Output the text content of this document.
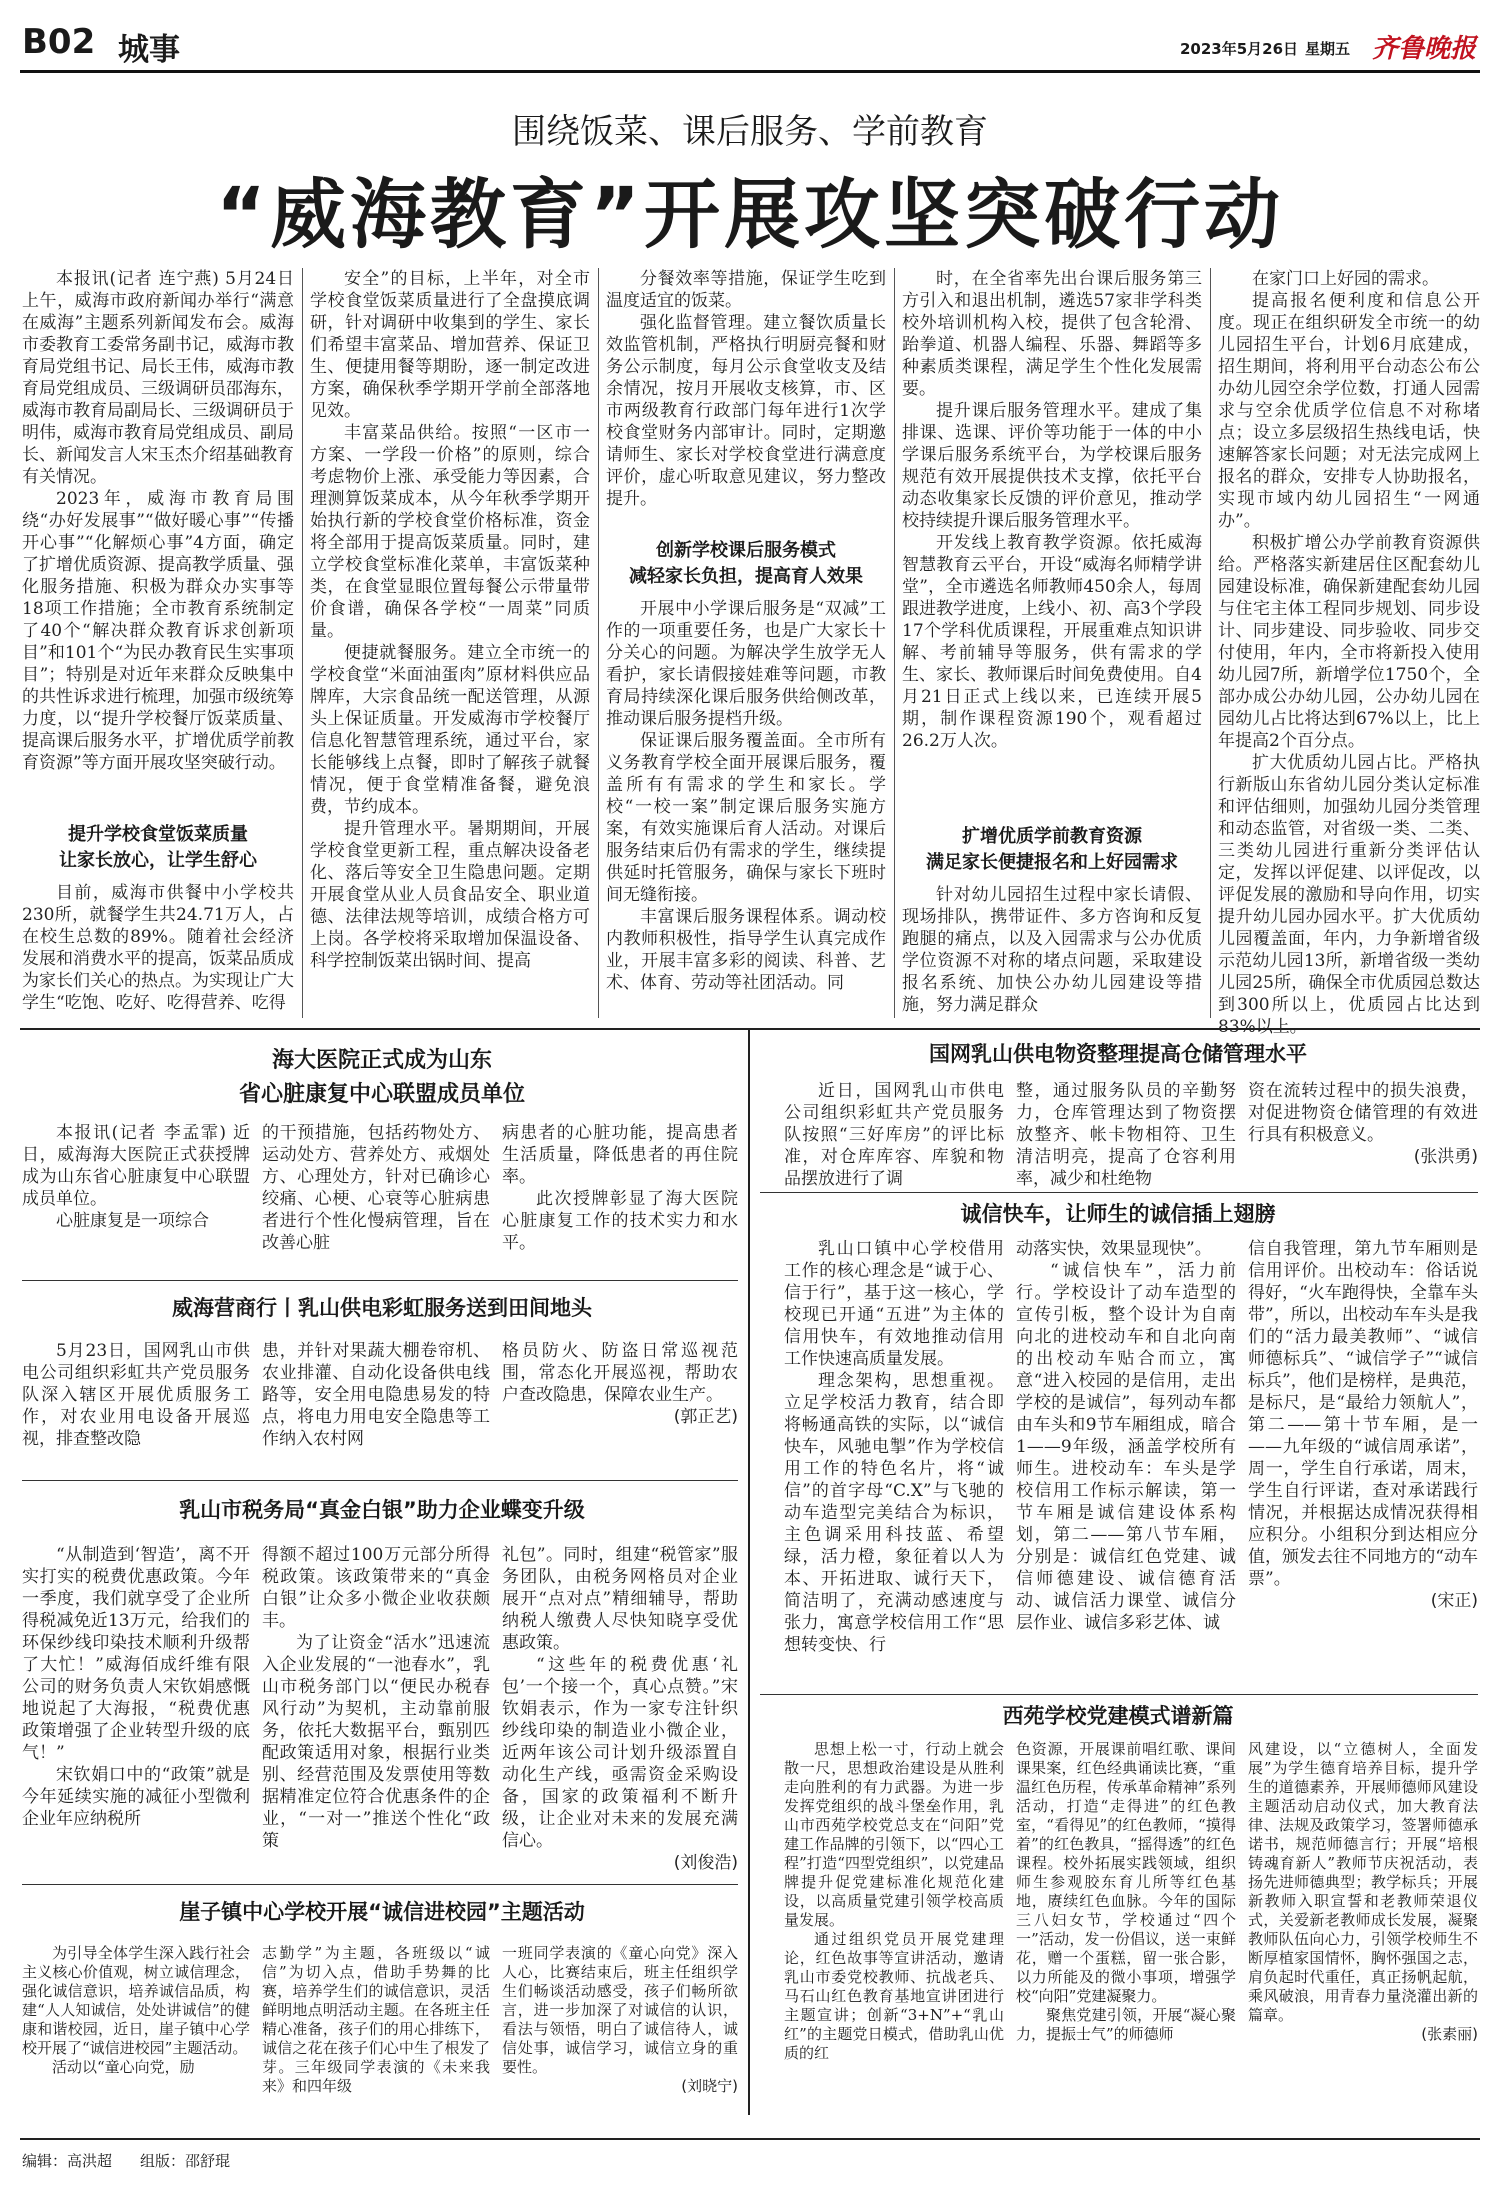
B02 城事	2023年5月26日 星期五 齐鲁晚报
围绕饭菜、课后服务、学前教育
“威海教育”开展攻坚突破行动

本报讯(记者 连宁燕) 5月24日上午，威海市政府新闻办举行“满意在威海”主题系列新闻发布会。威海市委教育工委常务副书记，威海市教育局党组书记、局长王伟，威海市教育局党组成员、三级调研员邵海东，威海市教育局副局长、三级调研员于明伟，威海市教育局党组成员、副局长、新闻发言人宋玉杰介绍基础教育有关情况。

2023年，威海市教育局围绕“办好发展事”“做好暖心事”“传播开心事”“化解烦心事”4方面，确定了扩增优质资源、提高教学质量、强化服务措施、积极为群众办实事等18项工作措施；全市教育系统制定了40个“解决群众教育诉求创新项目”和101个“为民办教育民生实事项目”；特别是对近年来群众反映集中的共性诉求进行梳理，加强市级统筹力度，以“提升学校餐厅饭菜质量、提高课后服务水平，扩增优质学前教育资源”等方面开展攻坚突破行动。

提升学校食堂饭菜质量
让家长放心，让学生舒心

目前，威海市供餐中小学校共230所，就餐学生共24.71万人，占在校生总数的89%。随着社会经济发展和消费水平的提高，饭菜品质成为家长们关心的热点。为实现让广大学生“吃饱、吃好、吃得营养、吃得

安全”的目标，上半年，对全市学校食堂饭菜质量进行了全盘摸底调研，针对调研中收集到的学生、家长们希望丰富菜品、增加营养、保证卫生、便捷用餐等期盼，逐一制定改进方案，确保秋季学期开学前全部落地见效。

丰富菜品供给。按照“一区市一方案、一学段一价格”的原则，综合考虑物价上涨、承受能力等因素，合理测算饭菜成本，从今年秋季学期开始执行新的学校食堂价格标准，资金将全部用于提高饭菜质量。同时，建立学校食堂标准化菜单，丰富饭菜种类，在食堂显眼位置每餐公示带量带价食谱，确保各学校“一周菜”同质量。

便捷就餐服务。建立全市统一的学校食堂“米面油蛋肉”原材料供应品牌库，大宗食品统一配送管理，从源头上保证质量。开发威海市学校餐厅信息化智慧管理系统，通过平台，家长能够线上点餐，即时了解孩子就餐情况，便于食堂精准备餐，避免浪费，节约成本。

提升管理水平。暑期期间，开展学校食堂更新工程，重点解决设备老化、落后等安全卫生隐患问题。定期开展食堂从业人员食品安全、职业道德、法律法规等培训，成绩合格方可上岗。各学校将采取增加保温设备、科学控制饭菜出锅时间、提高

分餐效率等措施，保证学生吃到温度适宜的饭菜。

强化监督管理。建立餐饮质量长效监管机制，严格执行明厨亮餐和财务公示制度，每月公示食堂收支及结余情况，按月开展收支核算，市、区市两级教育行政部门每年进行1次学校食堂财务内部审计。同时，定期邀请师生、家长对学校食堂进行满意度评价，虚心听取意见建议，努力整改提升。

创新学校课后服务模式
减轻家长负担，提高育人效果

开展中小学课后服务是“双减”工作的一项重要任务，也是广大家长十分关心的问题。为解决学生放学无人看护，家长请假接娃难等问题，市教育局持续深化课后服务供给侧改革，推动课后服务提档升级。

保证课后服务覆盖面。全市所有义务教育学校全面开展课后服务，覆盖所有有需求的学生和家长。学校“一校一案”制定课后服务实施方案，有效实施课后育人活动。对课后服务结束后仍有需求的学生，继续提供延时托管服务，确保与家长下班时间无缝衔接。

丰富课后服务课程体系。调动校内教师积极性，指导学生认真完成作业，开展丰富多彩的阅读、科普、艺术、体育、劳动等社团活动。同

时，在全省率先出台课后服务第三方引入和退出机制，遴选57家非学科类校外培训机构入校，提供了包含轮滑、跆拳道、机器人编程、乐器、舞蹈等多种素质类课程，满足学生个性化发展需要。

提升课后服务管理水平。建成了集排课、选课、评价等功能于一体的中小学课后服务系统平台，为学校课后服务规范有效开展提供技术支撑，依托平台动态收集家长反馈的评价意见，推动学校持续提升课后服务管理水平。

开发线上教育教学资源。依托威海智慧教育云平台，开设“威海名师精学讲堂”，全市遴选名师教师450余人，每周跟进教学进度，上线小、初、高3个学段17个学科优质课程，开展重难点知识讲解、考前辅导等服务，供有需求的学生、家长、教师课后时间免费使用。自4月21日正式上线以来，已连续开展5期，制作课程资源190个，观看超过26.2万人次。

扩增优质学前教育资源
满足家长便捷报名和上好园需求

针对幼儿园招生过程中家长请假、现场排队，携带证件、多方咨询和反复跑腿的痛点，以及入园需求与公办优质学位资源不对称的堵点问题，采取建设报名系统、加快公办幼儿园建设等措施，努力满足群众

在家门口上好园的需求。

提高报名便利度和信息公开度。现正在组织研发全市统一的幼儿园招生平台，计划6月底建成，招生期间，将利用平台动态公布公办幼儿园空余学位数，打通人园需求与空余优质学位信息不对称堵点；设立多层级招生热线电话，快速解答家长问题；对无法完成网上报名的群众，安排专人协助报名，实现市域内幼儿园招生“一网通办”。

积极扩增公办学前教育资源供给。严格落实新建居住区配套幼儿园建设标准，确保新建配套幼儿园与住宅主体工程同步规划、同步设计、同步建设、同步验收、同步交付使用，年内，全市将新投入使用幼儿园7所，新增学位1750个，全部办成公办幼儿园，公办幼儿园在园幼儿占比将达到67%以上，比上年提高2个百分点。

扩大优质幼儿园占比。严格执行新版山东省幼儿园分类认定标准和评估细则，加强幼儿园分类管理和动态监管，对省级一类、二类、三类幼儿园进行重新分类评估认定，发挥以评促建、以评促改，以评促发展的激励和导向作用，切实提升幼儿园办园水平。扩大优质幼儿园覆盖面，年内，力争新增省级示范幼儿园13所，新增省级一类幼儿园25所，确保全市优质园总数达到300所以上，优质园占比达到83%以上。

海大医院正式成为山东
省心脏康复中心联盟成员单位

本报讯(记者 李孟霏) 近日，威海海大医院正式获授牌成为山东省心脏康复中心联盟成员单位。

心脏康复是一项综合

的干预措施，包括药物处方、运动处方、营养处方、戒烟处方、心理处方，针对已确诊心绞痛、心梗、心衰等心脏病患者进行个性化慢病管理，旨在改善心脏

病患者的心脏功能，提高患者生活质量，降低患者的再住院率。

此次授牌彰显了海大医院心脏康复工作的技术实力和水平。

威海营商行丨乳山供电彩虹服务送到田间地头

5月23日，国网乳山市供电公司组织彩虹共产党员服务队深入辖区开展优质服务工作，对农业用电设备开展巡视，排查整改隐

患，并针对果蔬大棚卷帘机、农业排灌、自动化设备供电线路等，安全用电隐患易发的特点，将电力用电安全隐患等工作纳入农村网

格员防火、防盗日常巡视范围，常态化开展巡视，帮助农户查改隐患，保障农业生产。

(郭正艺)
乳山市税务局“真金白银”助力企业蝶变升级

“从制造到‘智造’，离不开实打实的税费优惠政策。今年一季度，我们就享受了企业所得税减免近13万元，给我们的环保纱线印染技术顺利升级帮了大忙！”威海佰成纤维有限公司的财务负责人宋钦娟感慨地说起了大海报，“税费优惠政策增强了企业转型升级的底气！”

宋钦娟口中的“政策”就是今年延续实施的减征小型微利企业年应纳税所

得额不超过100万元部分所得税政策。该政策带来的“真金白银”让众多小微企业收获颇丰。

为了让资金“活水”迅速流入企业发展的“一池春水”，乳山市税务部门以“便民办税春风行动”为契机，主动靠前服务，依托大数据平台，甄别匹配政策适用对象，根据行业类别、经营范围及发票使用等数据精准定位符合优惠条件的企业，“一对一”推送个性化“政策

礼包”。同时，组建“税管家”服务团队，由税务网格员对企业展开“点对点”精细辅导，帮助纳税人缴费人尽快知晓享受优惠政策。

“这些年的税费优惠‘礼包’一个接一个，真心点赞。”宋钦娟表示，作为一家专注针织纱线印染的制造业小微企业，近两年该公司计划升级添置自动化生产线，亟需资金采购设备，国家的政策福利不断升级，让企业对未来的发展充满信心。

(刘俊浩)
崖子镇中心学校开展“诚信进校园”主题活动

为引导全体学生深入践行社会主义核心价值观，树立诚信理念，强化诚信意识，培养诚信品质，构建“人人知诚信，处处讲诚信”的健康和谐校园，近日，崖子镇中心学校开展了“诚信进校园”主题活动。

活动以“童心向党，励

志勤学”为主题，各班级以“诚信”为切入点，借助手势舞的比赛，培养学生们的诚信意识，灵活鲜明地点明活动主题。在各班主任精心准备，孩子们的用心排练下，诚信之花在孩子们心中生了根发了芽。三年级同学表演的《未来我来》和四年级

一班同学表演的《童心向党》深入人心，比赛结束后，班主任组织学生们畅谈活动感受，孩子们畅所欲言，进一步加深了对诚信的认识，看法与领悟，明白了诚信待人，诚信处事，诚信学习，诚信立身的重要性。

(刘晓宁)
国网乳山供电物资整理提高仓储管理水平

近日，国网乳山市供电公司组织彩虹共产党员服务队按照“三好库房”的评比标准，对仓库库容、库貌和物品摆放进行了调

整，通过服务队员的辛勤努力，仓库管理达到了物资摆放整齐、帐卡物相符、卫生清洁明亮，提高了仓容利用率，减少和杜绝物

资在流转过程中的损失浪费，对促进物资仓储管理的有效进行具有积极意义。

(张洪勇)
诚信快车，让师生的诚信插上翅膀

乳山口镇中心学校借用工作的核心理念是“诚于心、信于行”，基于这一核心，学校现已开通“五进”为主体的信用快车，有效地推动信用工作快速高质量发展。

理念架构，思想重视。立足学校活力教育，结合即将畅通高铁的实际，以“诚信快车，风驰电掣”作为学校信用工作的特色名片，将“诚信”的首字母“C.X”与飞驰的动车造型完美结合为标识，主色调采用科技蓝、希望绿，活力橙，象征着以人为本、开拓进取、诚行天下，简洁明了，充满动感速度与张力，寓意学校信用工作“思想转变快、行

动落实快，效果显现快”。

“诚信快车”，活力前行。学校设计了动车造型的宣传引板，整个设计为自南向北的进校动车和自北向南的出校动车贴合而立，寓意“进入校园的是信用，走出学校的是诚信”，每列动车都由车头和9节车厢组成，暗合1——9年级，涵盖学校所有师生。进校动车：车头是学校信用工作标示解读，第一节车厢是诚信建设体系构划，第二——第八节车厢，分别是：诚信红色党建、诚信师德建设、诚信德育活动、诚信活力课堂、诚信分层作业、诚信多彩艺体、诚

信自我管理，第九节车厢则是信用评价。出校动车：俗话说得好，“火车跑得快，全靠车头带”，所以，出校动车车头是我们的“活力最美教师”、“诚信师德标兵”、“诚信学子”“诚信标兵”，他们是榜样，是典范，是标尺，是“最给力领航人”，第二——第十节车厢，是一——九年级的“诚信周承诺”，周一，学生自行承诺，周末，学生自行评诺，查对承诺践行情况，并根据达成情况获得相应积分。小组积分到达相应分值，颁发去往不同地方的“动车票”。

(宋正)
西苑学校党建模式谱新篇

思想上松一寸，行动上就会散一尺，思想政治建设是从胜利走向胜利的有力武器。为进一步发挥党组织的战斗堡垒作用，乳山市西苑学校党总支在“问阳”党建工作品牌的引领下，以“四心工程”打造“四型党组织”，以党建品牌提升促党建标准化规范化建设，以高质量党建引领学校高质量发展。

通过组织党员开展党建理论，红色故事等宣讲活动，邀请乳山市委党校教师、抗战老兵、马石山红色教育基地宣讲团进行主题宣讲；创新“3+N”+“乳山红”的主题党日模式，借助乳山优质的红

色资源，开展课前唱红歌、课间课果案，红色经典诵读比赛，“重温红色历程，传承革命精神”系列活动，打造“走得进”的红色教室，“看得见”的红色教师，“摸得着”的红色教具，“摇得透”的红色课程。校外拓展实践领域，组织师生参观胶东育儿所等红色基地，赓续红色血脉。今年的国际三八妇女节，学校通过“四个一”活动，发一份倡议，送一束鲜花，赠一个蛋糕，留一张合影，以力所能及的微小事项，增强学校“向阳”党建凝聚力。

聚焦党建引领，开展“凝心聚力，提振士气”的师德师

风建设，以“立德树人，全面发展”为学生德育培养目标，提升学生的道德素养，开展师德师风建设主题活动启动仪式，加大教育法律、法规及政策学习，签署师德承诺书，规范师德言行；开展“培根铸魂育新人”教师节庆祝活动，表扬先进师德典型；教学标兵；开展新教师入职宣誓和老教师荣退仪式，关爱新老教师成长发展，凝聚教师队伍向心力，引领学校师生不断厚植家国情怀，胸怀强国之志，肩负起时代重任，真正扬帆起航，乘风破浪，用青春力量浇灌出新的篇章。

(张素丽)
编辑：高洪超 组版：邵舒琨
